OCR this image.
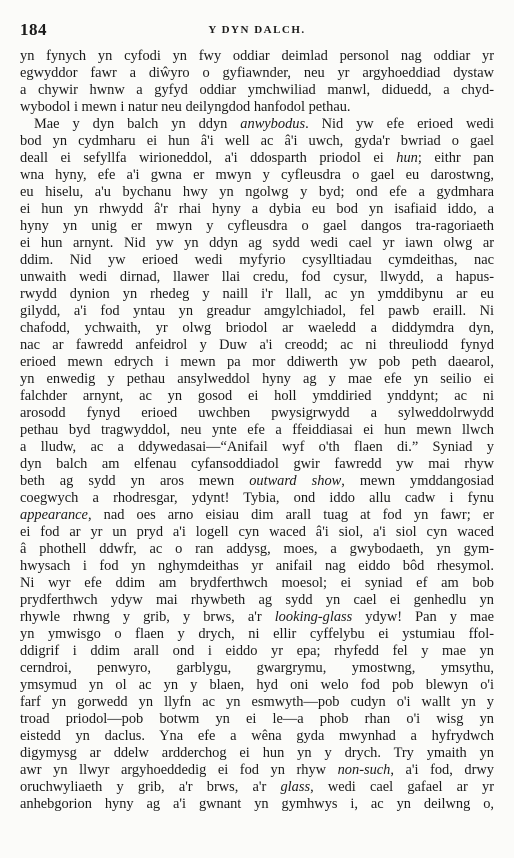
184	Y DYN DALCH.
yn fynych yn cyfodi yn fwy oddiar deimlad personol nag oddiar yr
egwyddor fawr a diŵyro o gyfiawnder, neu yr argyhoeddiad dystaw
a chywir hwnw a gyfyd oddiar ymchwiliad manwl, diduedd, a chyd-
wybodol i mewn i natur neu deilyngdod hanfodol pethau.
Mae y dyn balch yn ddyn anwybodus. Nid yw efe erioed wedi
bod yn cydmharu ei hun â'i well ac â'i uwch, gyda'r bwriad o gael
deall ei sefyllfa wirioneddol, a'i ddosparth priodol ei hun; eithr pan
wna hyny, efe a'i gwna er mwyn y cyfleusdra o gael eu darostwng,
eu hiselu, a'u bychanu hwy yn ngolwg y byd; ond efe a gydmhara
ei hun yn rhwydd â'r rhai hyny a dybia eu bod yn isafiaid iddo, a
hyny yn unig er mwyn y cyfleusdra o gael dangos tra-ragoriaeth
ei hun arnynt. Nid yw yn ddyn ag sydd wedi cael yr iawn olwg ar
ddim. Nid yw erioed wedi myfyrio cysylltiadau cymdeithas, nac
unwaith wedi dirnad, llawer llai credu, fod cysur, llwydd, a hapus-
rwydd dynion yn rhedeg y naill i'r llall, ac yn ymddibynu ar eu
gilydd, a'i fod yntau yn greadur amgylchiadol, fel pawb eraill. Ni
chafodd, ychwaith, yr olwg briodol ar waeledd a diddymdra dyn,
nac ar fawredd anfeidrol y Duw a'i creodd; ac ni threuliodd fynyd
erioed mewn edrych i mewn pa mor ddiwerth yw pob peth daearol,
yn enwedig y pethau ansylweddol hyny ag y mae efe yn seilio ei
falchder arnynt, ac yn gosod ei holl ymddiried ynddynt; ac ni
arosodd fynyd erioed uwchben pwysigrwydd a sylweddolrwydd
pethau byd tragwyddol, neu ynte efe a ffeiddiasai ei hun mewn llwch
a lludw, ac a ddywedasai—“Anifail wyf o'th flaen di.” Syniad y
dyn balch am elfenau cyfansoddiadol gwir fawredd yw mai rhyw
beth ag sydd yn aros mewn outward show, mewn ymddangosiad
coegwych a rhodresgar, ydynt! Tybia, ond iddo allu cadw i fynu
appearance, nad oes arno eisiau dim arall tuag at fod yn fawr; er
ei fod ar yr un pryd a'i logell cyn waced â'i siol, a'i siol cyn waced
â phothell ddwfr, ac o ran addysg, moes, a gwybodaeth, yn gym-
hwysach i fod yn nghymdeithas yr anifail nag eiddo bôd rhesymol.
Ni wyr efe ddim am brydferthwch moesol; ei syniad ef am bob
prydferthwch ydyw mai rhywbeth ag sydd yn cael ei genhedlu yn
rhywle rhwng y grib, y brws, a'r looking-glass ydyw! Pan y mae
yn ymwisgo o flaen y drych, ni ellir cyffelybu ei ystumiau ffol-
ddigrif i ddim arall ond i eiddo yr epa; rhyfedd fel y mae yn
cerndroi, penwyro, garblygu, gwargrymu, ymostwng, ymsythu,
ymsymud yn ol ac yn y blaen, hyd oni welo fod pob blewyn o'i
farf yn gorwedd yn llyfn ac yn esmwyth—pob cudyn o'i wallt yn y
troad priodol—pob botwm yn ei le—a phob rhan o'i wisg yn
eistedd yn daclus. Yna efe a wêna gyda mwynhad a hyfrydwch
digymysg ar ddelw ardderchog ei hun yn y drych. Try ymaith yn
awr yn llwyr argyhoeddedig ei fod yn rhyw non-such, a'i fod, drwy
oruchwyliaeth y grib, a'r brws, a'r glass, wedi cael gafael ar yr
anhebgorion hyny ag a'i gwnant yn gymhwys i, ac yn deilwng o,
